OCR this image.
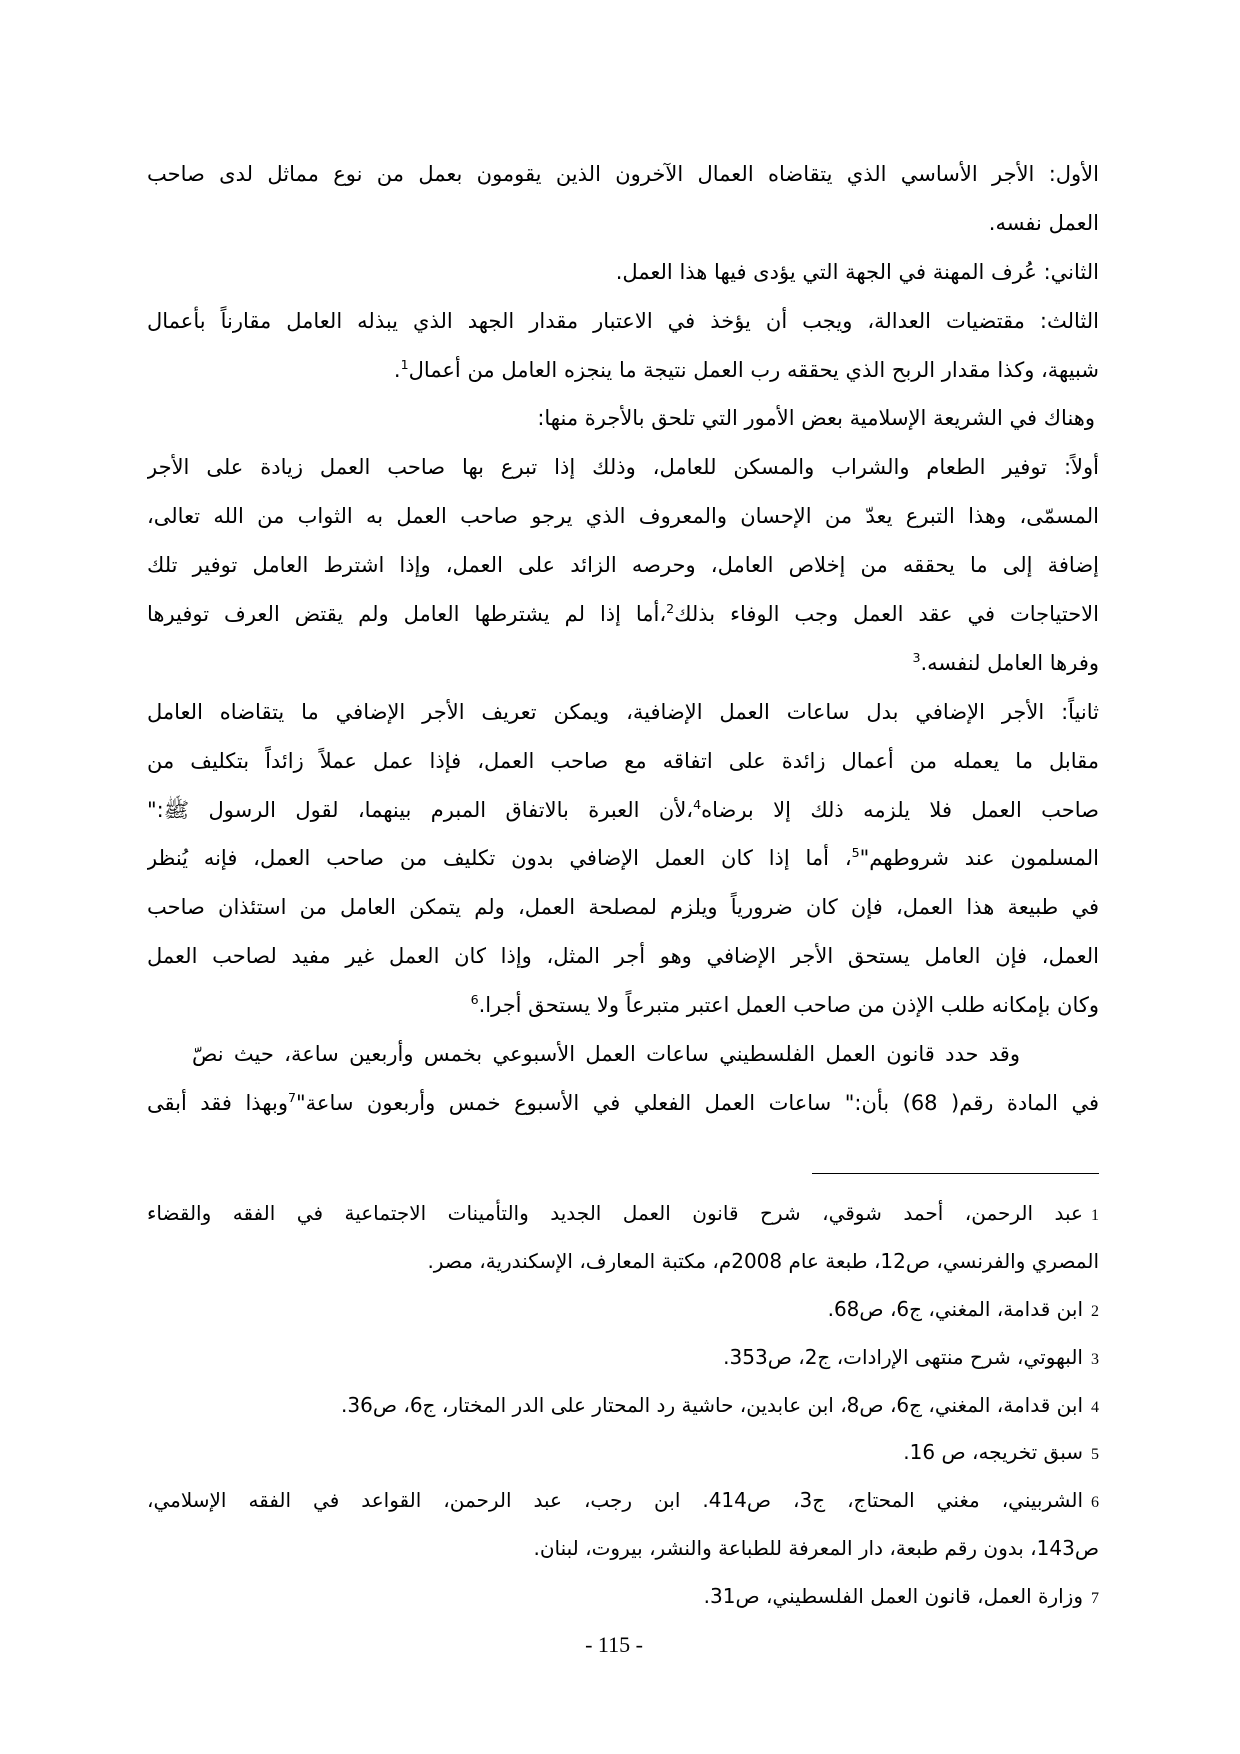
الأول: الأجر الأساسي الذي يتقاضاه العمال الآخرون الذين يقومون بعمل من نوع مماثل لدى صاحب
العمل نفسه.
الثاني: عُرف المهنة في الجهة التي يؤدى فيها هذا العمل.
الثالث: مقتضيات العدالة، ويجب أن يؤخذ في الاعتبار مقدار الجهد الذي يبذله العامل مقارناً بأعمال
شبيهة، وكذا مقدار الربح الذي يحققه رب العمل نتيجة ما ينجزه العامل من أعمال$^1$.
وهناك في الشريعة الإسلامية بعض الأمور التي تلحق بالأجرة منها:
أولاً: توفير الطعام والشراب والمسكن للعامل، وذلك إذا تبرع بها صاحب العمل زيادة على الأجر
المسمّى، وهذا التبرع يعدّ من الإحسان والمعروف الذي يرجو صاحب العمل به الثواب من الله تعالى،
إضافة إلى ما يحققه من إخلاص العامل، وحرصه الزائد على العمل، وإذا اشترط العامل توفير تلك
الاحتياجات في عقد العمل وجب الوفاء بذلك$^2$،أما إذا لم يشترطها العامل ولم يقتض العرف توفيرها
وفرها العامل لنفسه.$^3$
ثانياً: الأجر الإضافي بدل ساعات العمل الإضافية، ويمكن تعريف الأجر الإضافي ما يتقاضاه العامل
مقابل ما يعمله من أعمال زائدة على اتفاقه مع صاحب العمل، فإذا عمل عملاً زائداً بتكليف من
صاحب العمل فلا يلزمه ذلك إلا برضاه$^4$،لأن العبرة بالاتفاق المبرم بينهما، لقول الرسول ﷺ:"
المسلمون عند شروطهم"$^5$، أما إذا كان العمل الإضافي بدون تكليف من صاحب العمل، فإنه يُنظر
في طبيعة هذا العمل، فإن كان ضرورياً ويلزم لمصلحة العمل، ولم يتمكن العامل من استئذان صاحب
العمل، فإن العامل يستحق الأجر الإضافي وهو أجر المثل، وإذا كان العمل غير مفيد لصاحب العمل
وكان بإمكانه طلب الإذن من صاحب العمل اعتبر متبرعاً ولا يستحق أجرا.$^6$
وقد حدد قانون العمل الفلسطيني ساعات العمل الأسبوعي بخمس وأربعين ساعة، حيث نصّ
في المادة رقم( 68) بأن:" ساعات العمل الفعلي في الأسبوع خمس وأربعون ساعة"$^7$وبهذا فقد أبقى
1عبد الرحمن، أحمد شوقي، شرح قانون العمل الجديد والتأمينات الاجتماعية في الفقه والقضاء
المصري والفرنسي، ص12، طبعة عام 2008م، مكتبة المعارف، الإسكندرية، مصر.
2ابن قدامة، المغني، ج6، ص68.
3البهوتي، شرح منتهى الإرادات، ج2، ص353.
4ابن قدامة، المغني، ج6، ص8، ابن عابدين، حاشية رد المحتار على الدر المختار، ج6، ص36.
5سبق تخريجه، ص 16.
6الشربيني، مغني المحتاج، ج3، ص414. ابن رجب، عبد الرحمن، القواعد في الفقه الإسلامي،
ص143، بدون رقم طبعة، دار المعرفة للطباعة والنشر، بيروت، لبنان.
7وزارة العمل، قانون العمل الفلسطيني، ص31.
- 115 -
